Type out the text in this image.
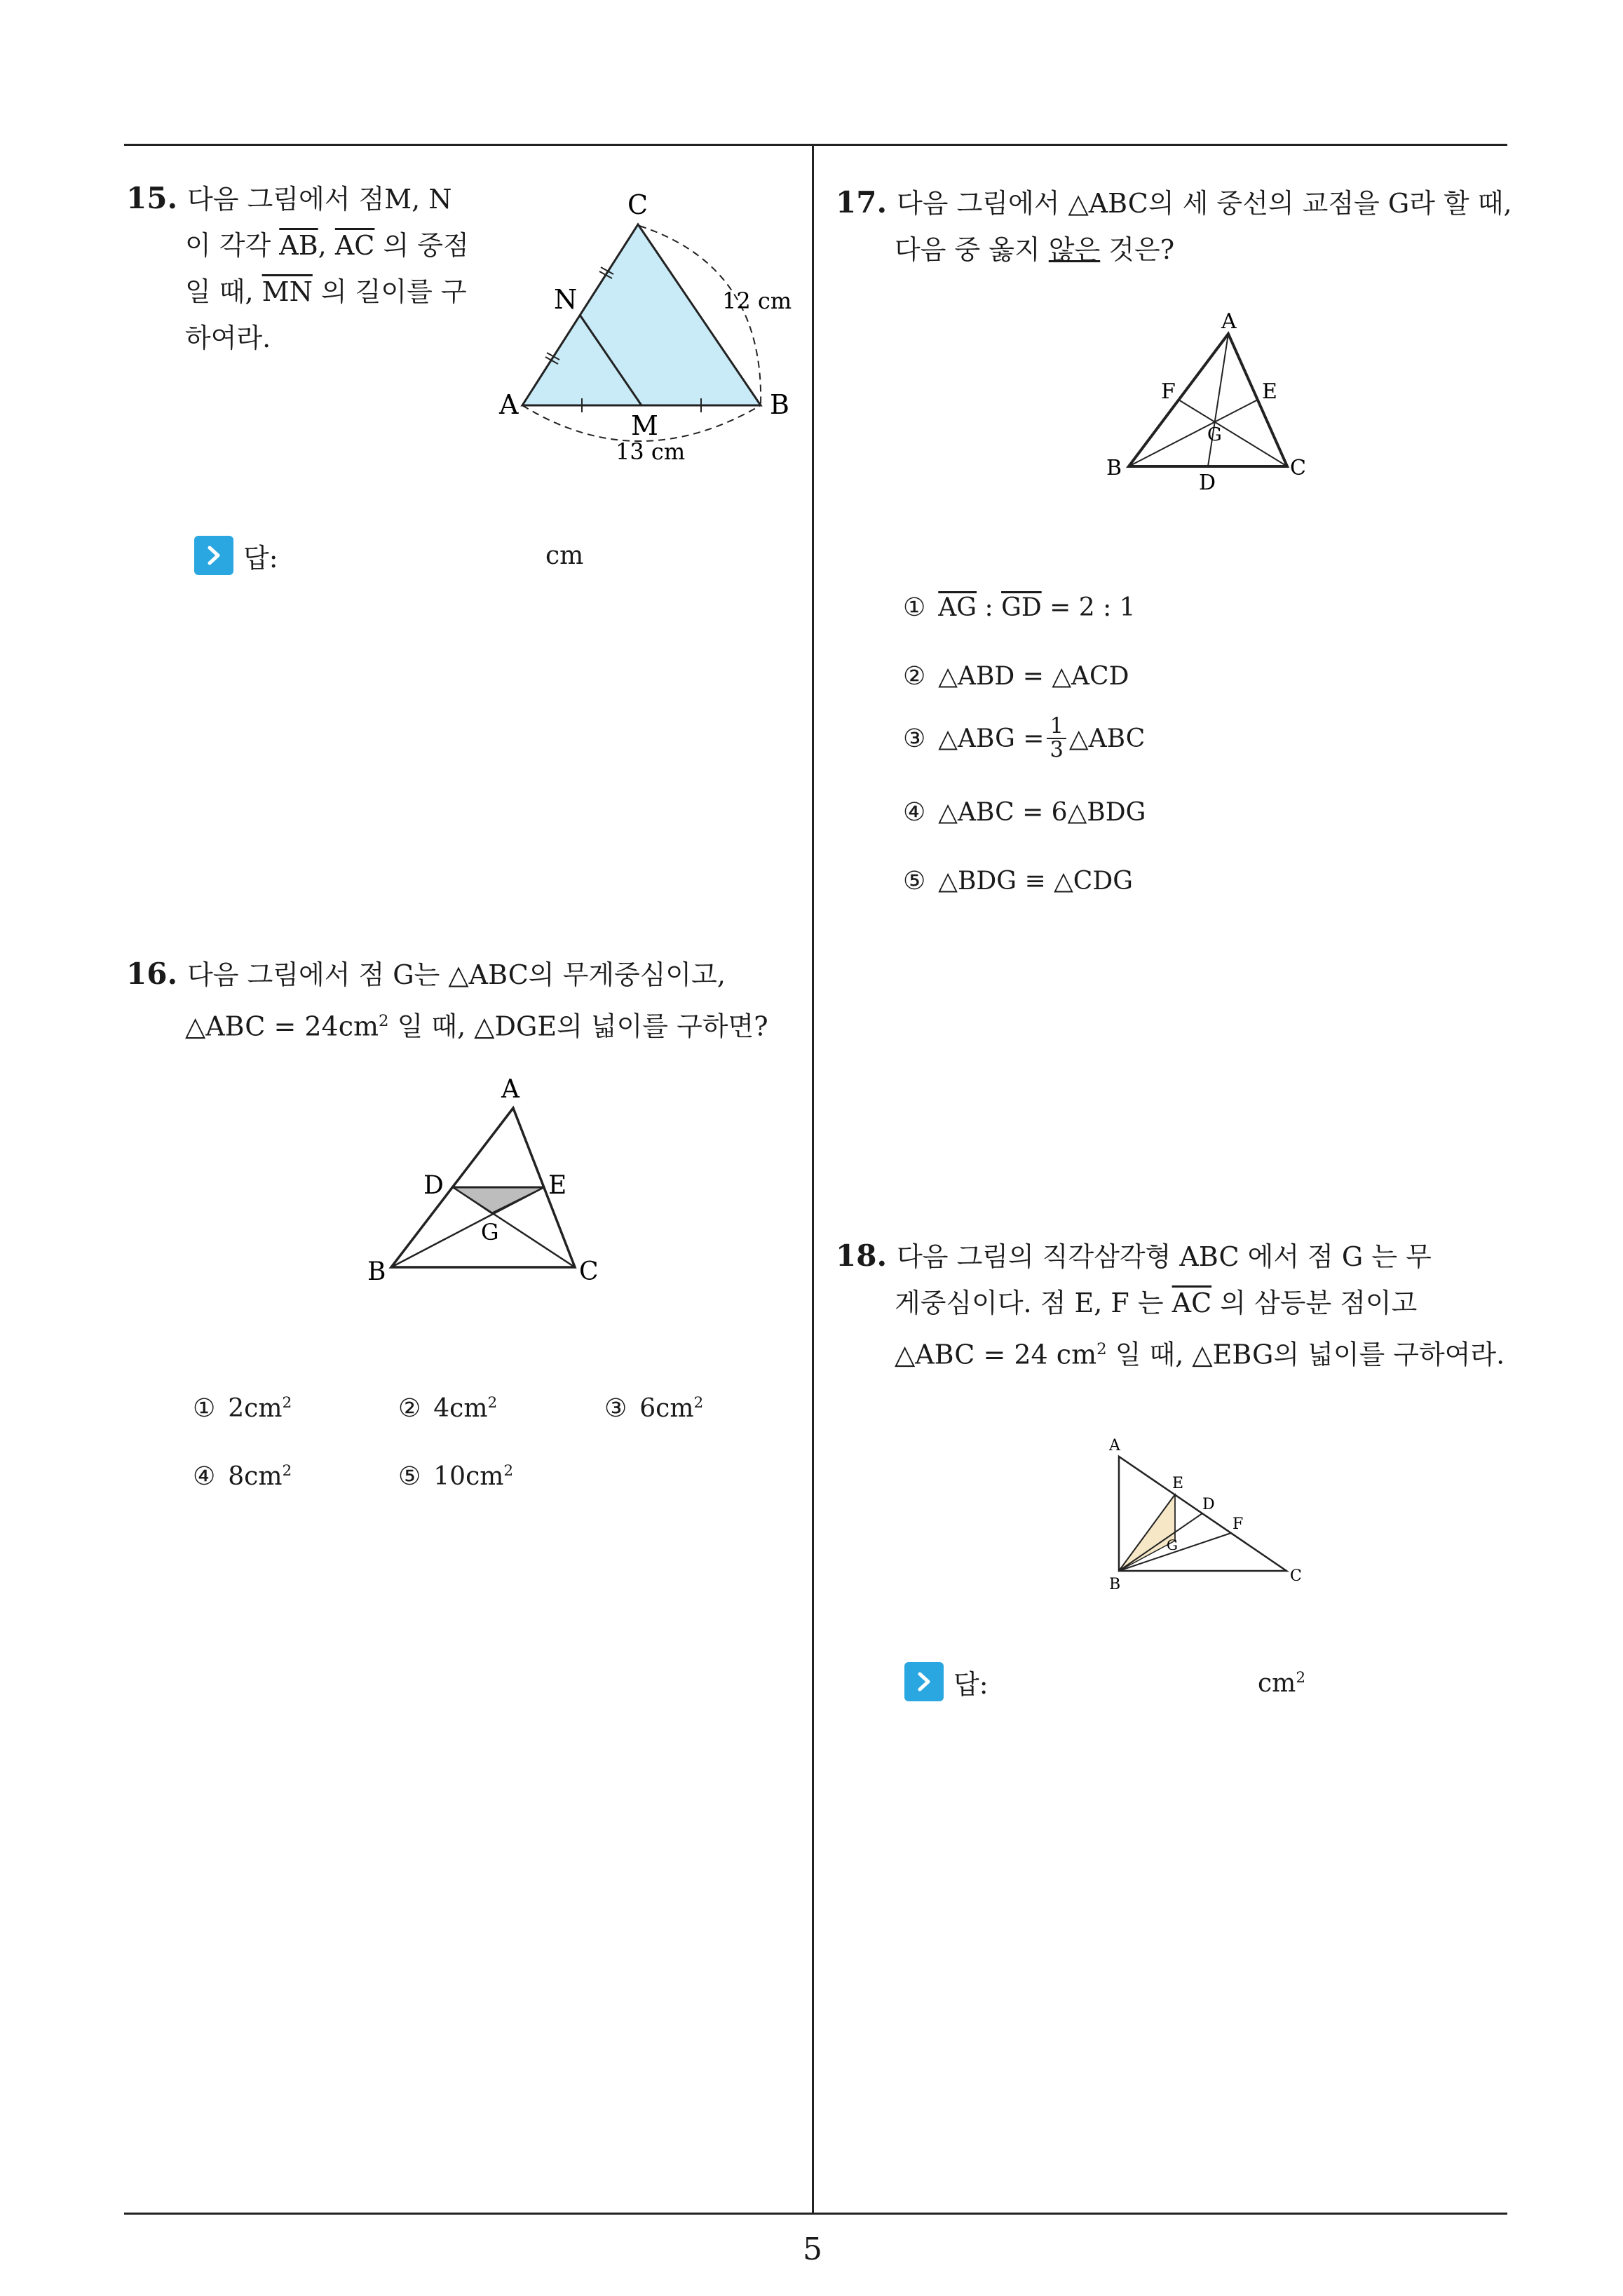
15. 다음 그림에서 점M, N
이 각각 $\overline{AB}$, $\overline{AC}$ 의 중점
일 때, $\overline{MN}$ 의 길이를 구
하여라.
C
N
A
M
B
12 cm
13 cm
답:	cm
16. 다음 그림에서 점 G는 △ABC의 무게중심이고,
△ABC = $24cm^2$ 일 때, △DGE의 넓이를 구하면?
A
D	E
G
B	C
① $2cm^2$	② $4cm^2$	③ $6cm^2$
④ $8cm^2$	⑤ $10cm^2$
17. 다음 그림에서 △ABC의 세 중선의 교점을 G라 할 때,
다음 중 옳지 않은 것은?
A
F	E
G
B
D
C
① $\overline{AG}$ : $\overline{GD} = 2$ : 1
② △ABD = △ACD
③ △ABG = $\frac{1}{3}$ △ABC
④ △ABC = 6△BDG
⑤ △BDG ≡ △CDG
18. 다음 그림의 직각삼각형 ABC 에서 점 G 는 무
게중심이다. 점 E, F 는 $\overline{AC}$ 의 삼등분 점이고
△ABC = 24 $cm^2$ 일 때, △EBG의 넓이를 구하여라.
A
E
D
F
G
B	C
답:	$cm^2$
5
